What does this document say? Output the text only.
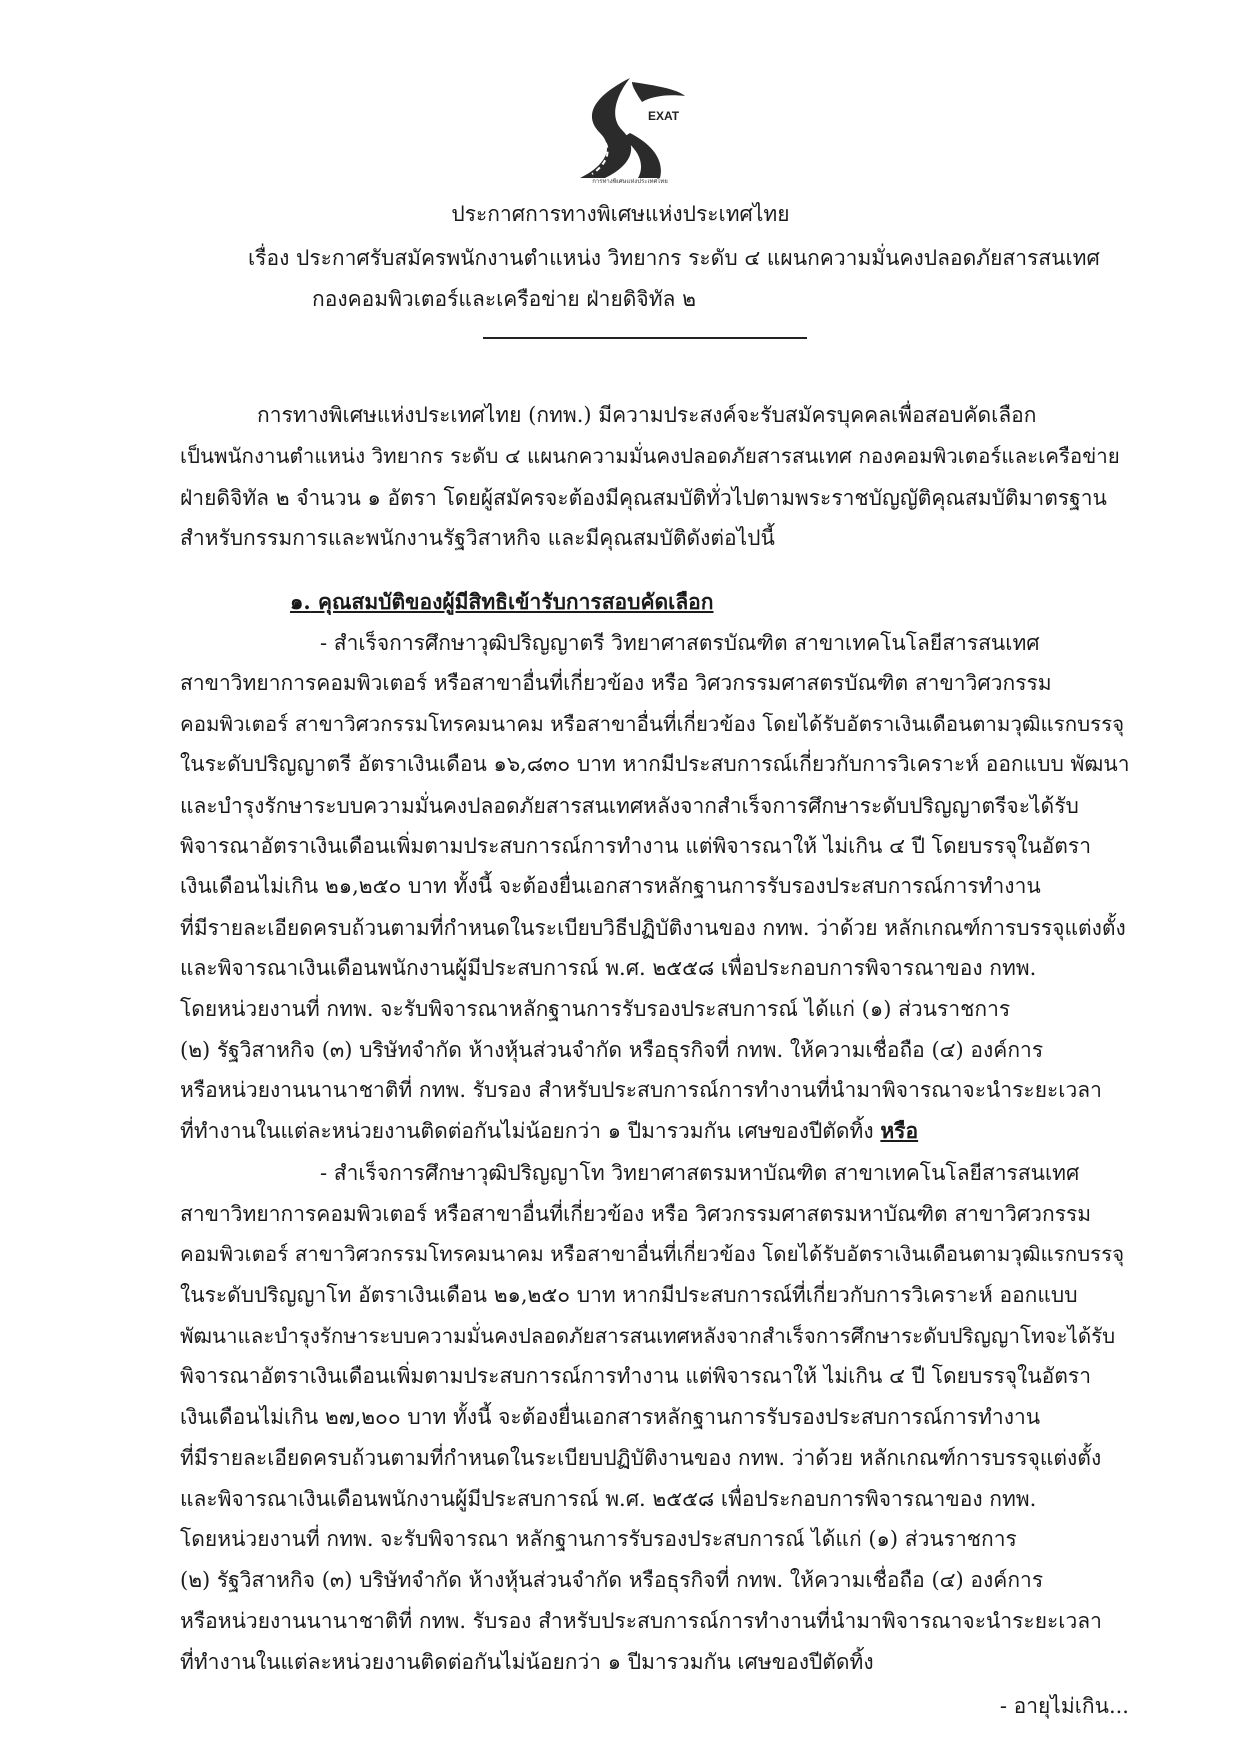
EXAT
การทางพิเศษแห่งประเทศไทย
ประกาศการทางพิเศษแห่งประเทศไทย
เรื่อง ประกาศรับสมัครพนักงานตำแหน่ง วิทยากร ระดับ ๔ แผนกความมั่นคงปลอดภัยสารสนเทศ
กองคอมพิวเตอร์และเครือข่าย ฝ่ายดิจิทัล ๒
การทางพิเศษแห่งประเทศไทย (กทพ.) มีความประสงค์จะรับสมัครบุคคลเพื่อสอบคัดเลือก
เป็นพนักงานตำแหน่ง วิทยากร ระดับ ๔ แผนกความมั่นคงปลอดภัยสารสนเทศ กองคอมพิวเตอร์และเครือข่าย
ฝ่ายดิจิทัล ๒ จำนวน ๑ อัตรา โดยผู้สมัครจะต้องมีคุณสมบัติทั่วไปตามพระราชบัญญัติคุณสมบัติมาตรฐาน
สำหรับกรรมการและพนักงานรัฐวิสาหกิจ และมีคุณสมบัติดังต่อไปนี้
๑. คุณสมบัติของผู้มีสิทธิเข้ารับการสอบคัดเลือก
- สำเร็จการศึกษาวุฒิปริญญาตรี วิทยาศาสตรบัณฑิต สาขาเทคโนโลยีสารสนเทศ
สาขาวิทยาการคอมพิวเตอร์ หรือสาขาอื่นที่เกี่ยวข้อง หรือ วิศวกรรมศาสตรบัณฑิต สาขาวิศวกรรม
คอมพิวเตอร์ สาขาวิศวกรรมโทรคมนาคม หรือสาขาอื่นที่เกี่ยวข้อง โดยได้รับอัตราเงินเดือนตามวุฒิแรกบรรจุ
ในระดับปริญญาตรี อัตราเงินเดือน ๑๖,๘๓๐ บาท หากมีประสบการณ์เกี่ยวกับการวิเคราะห์ ออกแบบ พัฒนา
และบำรุงรักษาระบบความมั่นคงปลอดภัยสารสนเทศหลังจากสำเร็จการศึกษาระดับปริญญาตรีจะได้รับ
พิจารณาอัตราเงินเดือนเพิ่มตามประสบการณ์การทำงาน แต่พิจารณาให้ ไม่เกิน ๔ ปี โดยบรรจุในอัตรา
เงินเดือนไม่เกิน ๒๑,๒๕๐ บาท ทั้งนี้ จะต้องยื่นเอกสารหลักฐานการรับรองประสบการณ์การทำงาน
ที่มีรายละเอียดครบถ้วนตามที่กำหนดในระเบียบวิธีปฏิบัติงานของ กทพ. ว่าด้วย หลักเกณฑ์การบรรจุแต่งตั้ง
และพิจารณาเงินเดือนพนักงานผู้มีประสบการณ์ พ.ศ. ๒๕๕๘ เพื่อประกอบการพิจารณาของ กทพ.
โดยหน่วยงานที่ กทพ. จะรับพิจารณาหลักฐานการรับรองประสบการณ์ ได้แก่ (๑) ส่วนราชการ
(๒) รัฐวิสาหกิจ (๓) บริษัทจำกัด ห้างหุ้นส่วนจำกัด หรือธุรกิจที่ กทพ. ให้ความเชื่อถือ (๔) องค์การ
หรือหน่วยงานนานาชาติที่ กทพ. รับรอง สำหรับประสบการณ์การทำงานที่นำมาพิจารณาจะนำระยะเวลา
ที่ทำงานในแต่ละหน่วยงานติดต่อกันไม่น้อยกว่า ๑ ปีมารวมกัน เศษของปีตัดทิ้ง หรือ
- สำเร็จการศึกษาวุฒิปริญญาโท วิทยาศาสตรมหาบัณฑิต สาขาเทคโนโลยีสารสนเทศ
สาขาวิทยาการคอมพิวเตอร์ หรือสาขาอื่นที่เกี่ยวข้อง หรือ วิศวกรรมศาสตรมหาบัณฑิต สาขาวิศวกรรม
คอมพิวเตอร์ สาขาวิศวกรรมโทรคมนาคม หรือสาขาอื่นที่เกี่ยวข้อง โดยได้รับอัตราเงินเดือนตามวุฒิแรกบรรจุ
ในระดับปริญญาโท อัตราเงินเดือน ๒๑,๒๕๐ บาท หากมีประสบการณ์ที่เกี่ยวกับการวิเคราะห์ ออกแบบ
พัฒนาและบำรุงรักษาระบบความมั่นคงปลอดภัยสารสนเทศหลังจากสำเร็จการศึกษาระดับปริญญาโทจะได้รับ
พิจารณาอัตราเงินเดือนเพิ่มตามประสบการณ์การทำงาน แต่พิจารณาให้ ไม่เกิน ๔ ปี โดยบรรจุในอัตรา
เงินเดือนไม่เกิน ๒๗,๒๐๐ บาท ทั้งนี้ จะต้องยื่นเอกสารหลักฐานการรับรองประสบการณ์การทำงาน
ที่มีรายละเอียดครบถ้วนตามที่กำหนดในระเบียบปฏิบัติงานของ กทพ. ว่าด้วย หลักเกณฑ์การบรรจุแต่งตั้ง
และพิจารณาเงินเดือนพนักงานผู้มีประสบการณ์ พ.ศ. ๒๕๕๘ เพื่อประกอบการพิจารณาของ กทพ.
โดยหน่วยงานที่ กทพ. จะรับพิจารณา หลักฐานการรับรองประสบการณ์ ได้แก่ (๑) ส่วนราชการ
(๒) รัฐวิสาหกิจ (๓) บริษัทจำกัด ห้างหุ้นส่วนจำกัด หรือธุรกิจที่ กทพ. ให้ความเชื่อถือ (๔) องค์การ
หรือหน่วยงานนานาชาติที่ กทพ. รับรอง สำหรับประสบการณ์การทำงานที่นำมาพิจารณาจะนำระยะเวลา
ที่ทำงานในแต่ละหน่วยงานติดต่อกันไม่น้อยกว่า ๑ ปีมารวมกัน เศษของปีตัดทิ้ง
- อายุไม่เกิน...
